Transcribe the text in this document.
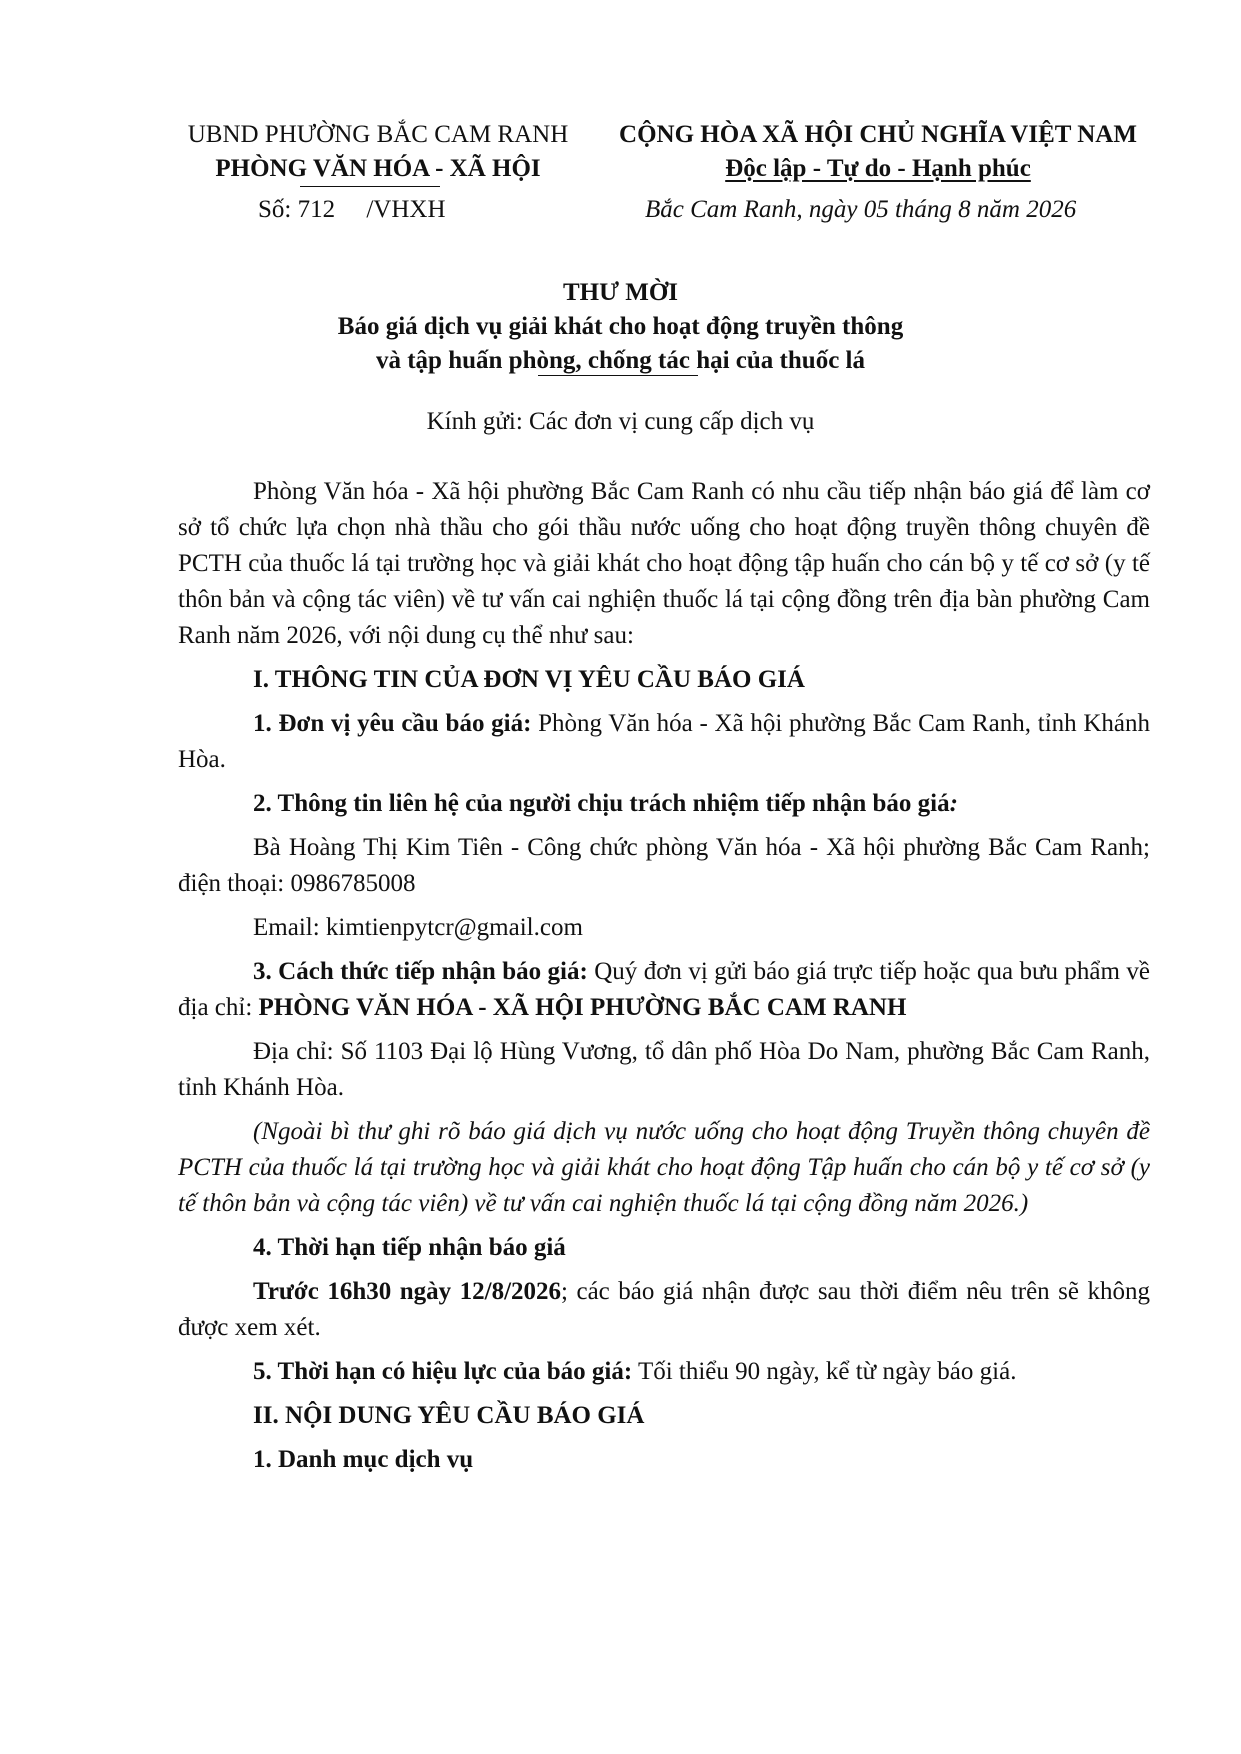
UBND PHƯỜNG BẮC CAM RANH
PHÒNG VĂN HÓA - XÃ HỘI
CỘNG HÒA XÃ HỘI CHỦ NGHĨA VIỆT NAM
Độc lập - Tự do - Hạnh phúc
Số: 712     /VHXH	Bắc Cam Ranh, ngày 05 tháng 8 năm 2026
THƯ MỜI
Báo giá dịch vụ giải khát cho hoạt động truyền thông
và tập huấn phòng, chống tác hại của thuốc lá
Kính gửi: Các đơn vị cung cấp dịch vụ

Phòng Văn hóa - Xã hội phường Bắc Cam Ranh có nhu cầu tiếp nhận báo giá để làm cơ sở tổ chức lựa chọn nhà thầu cho gói thầu nước uống cho hoạt động truyền thông chuyên đề PCTH của thuốc lá tại trường học và giải khát cho hoạt động tập huấn cho cán bộ y tế cơ sở (y tế thôn bản và cộng tác viên) về tư vấn cai nghiện thuốc lá tại cộng đồng trên địa bàn phường Cam Ranh năm 2026, với nội dung cụ thể như sau:

I. THÔNG TIN CỦA ĐƠN VỊ YÊU CẦU BÁO GIÁ

1. Đơn vị yêu cầu báo giá: Phòng Văn hóa - Xã hội phường Bắc Cam Ranh, tỉnh Khánh Hòa.

2. Thông tin liên hệ của người chịu trách nhiệm tiếp nhận báo giá:

Bà Hoàng Thị Kim Tiên - Công chức phòng Văn hóa - Xã hội phường Bắc Cam Ranh; điện thoại: 0986785008

Email: kimtienpytcr@gmail.com

3. Cách thức tiếp nhận báo giá: Quý đơn vị gửi báo giá trực tiếp hoặc qua bưu phẩm về địa chỉ: PHÒNG VĂN HÓA - XÃ HỘI PHƯỜNG BẮC CAM RANH

Địa chỉ: Số 1103 Đại lộ Hùng Vương, tổ dân phố Hòa Do Nam, phường Bắc Cam Ranh, tỉnh Khánh Hòa.

(Ngoài bì thư ghi rõ báo giá dịch vụ nước uống cho hoạt động Truyền thông chuyên đề PCTH của thuốc lá tại trường học và giải khát cho hoạt động Tập huấn cho cán bộ y tế cơ sở (y tế thôn bản và cộng tác viên) về tư vấn cai nghiện thuốc lá tại cộng đồng năm 2026.)

4. Thời hạn tiếp nhận báo giá

Trước 16h30 ngày 12/8/2026; các báo giá nhận được sau thời điểm nêu trên sẽ không được xem xét.

5. Thời hạn có hiệu lực của báo giá: Tối thiểu 90 ngày, kể từ ngày báo giá.

II. NỘI DUNG YÊU CẦU BÁO GIÁ

1. Danh mục dịch vụ
